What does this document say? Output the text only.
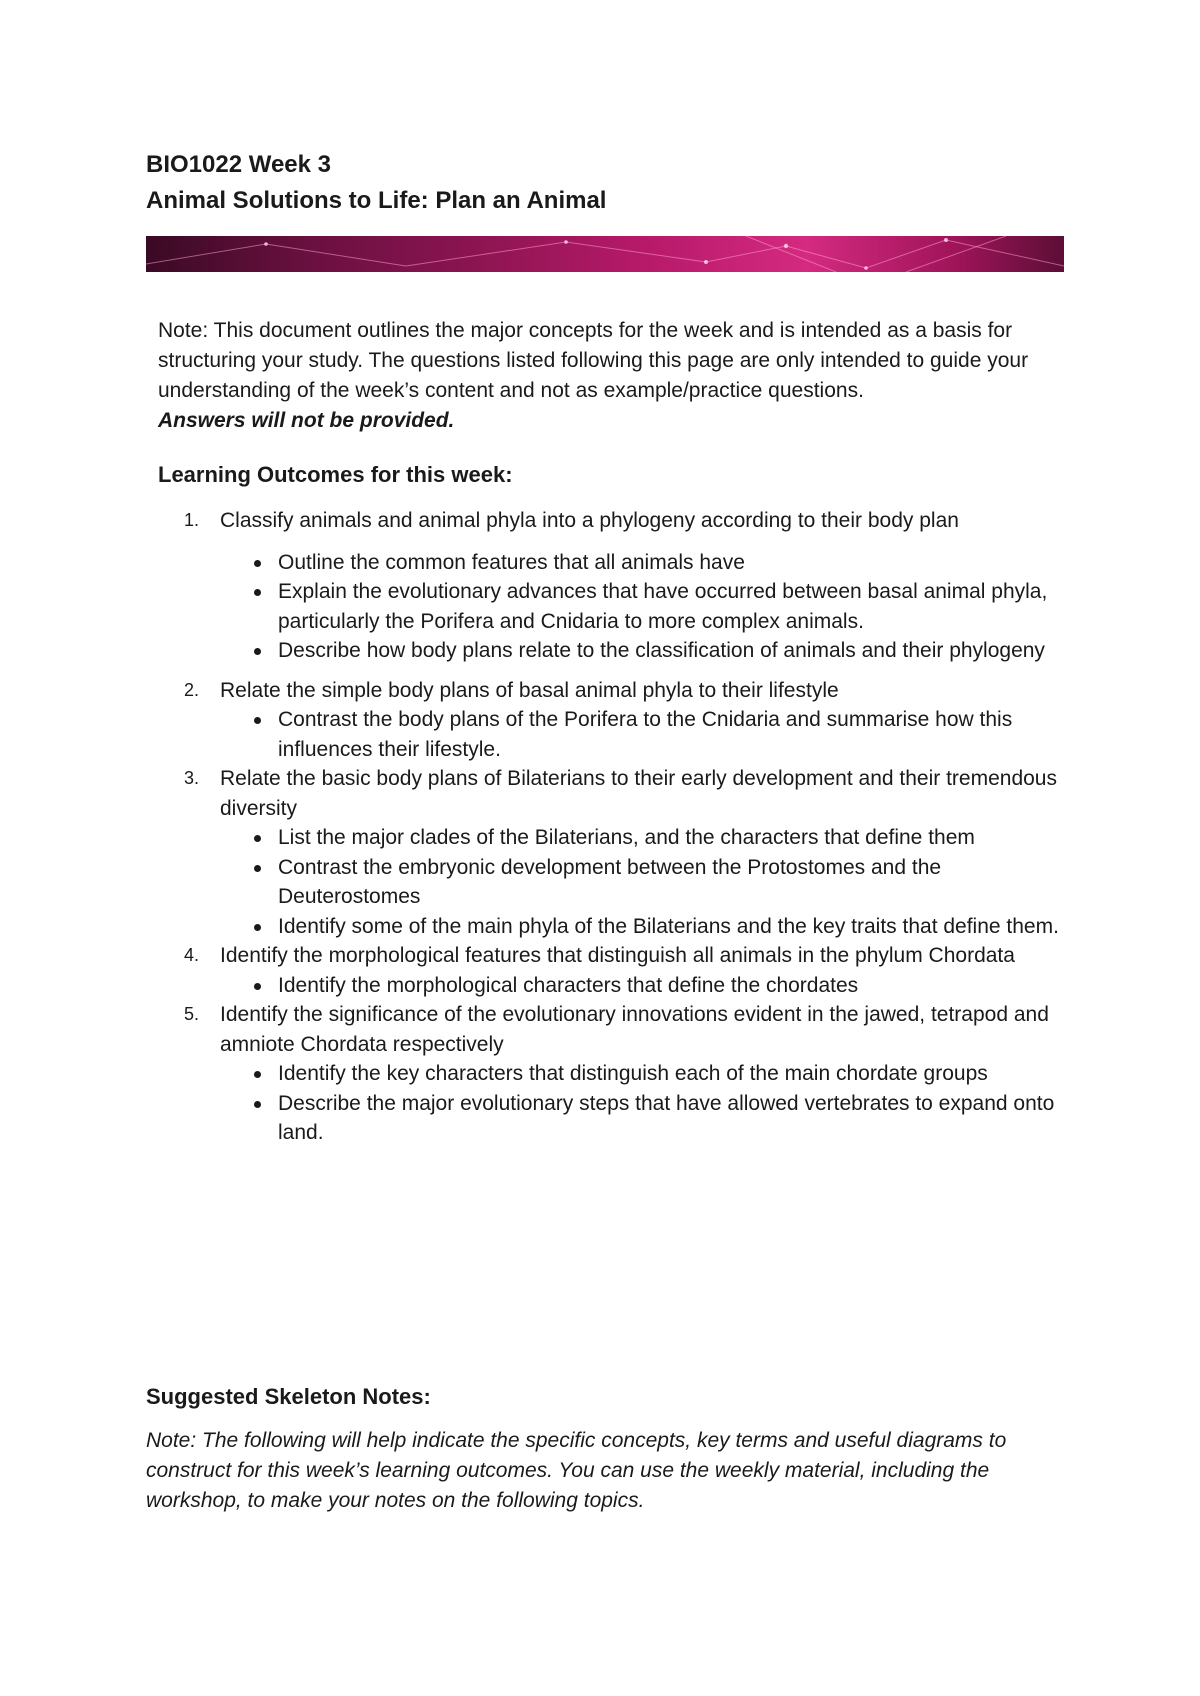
BIO1022 Week 3
Animal Solutions to Life: Plan an Animal

Note: This document outlines the major concepts for the week and is intended as a basis for structuring your study. The questions listed following this page are only intended to guide your understanding of the week’s content and not as example/practice questions.
Answers will not be provided.

Learning Outcomes for this week:
1. Classify animals and animal phyla into a phylogeny according to their body plan
Outline the common features that all animals have
Explain the evolutionary advances that have occurred between basal animal phyla, particularly the Porifera and Cnidaria to more complex animals.
Describe how body plans relate to the classification of animals and their phylogeny
2. Relate the simple body plans of basal animal phyla to their lifestyle
Contrast the body plans of the Porifera to the Cnidaria and summarise how this influences their lifestyle.
3. Relate the basic body plans of Bilaterians to their early development and their tremendous diversity
List the major clades of the Bilaterians, and the characters that define them
Contrast the embryonic development between the Protostomes and the Deuterostomes
Identify some of the main phyla of the Bilaterians and the key traits that define them.
4. Identify the morphological features that distinguish all animals in the phylum Chordata
Identify the morphological characters that define the chordates
5. Identify the significance of the evolutionary innovations evident in the jawed, tetrapod and amniote Chordata respectively
Identify the key characters that distinguish each of the main chordate groups
Describe the major evolutionary steps that have allowed vertebrates to expand onto land.
Suggested Skeleton Notes:

Note: The following will help indicate the specific concepts, key terms and useful diagrams to construct for this week’s learning outcomes. You can use the weekly material, including the workshop, to make your notes on the following topics.
